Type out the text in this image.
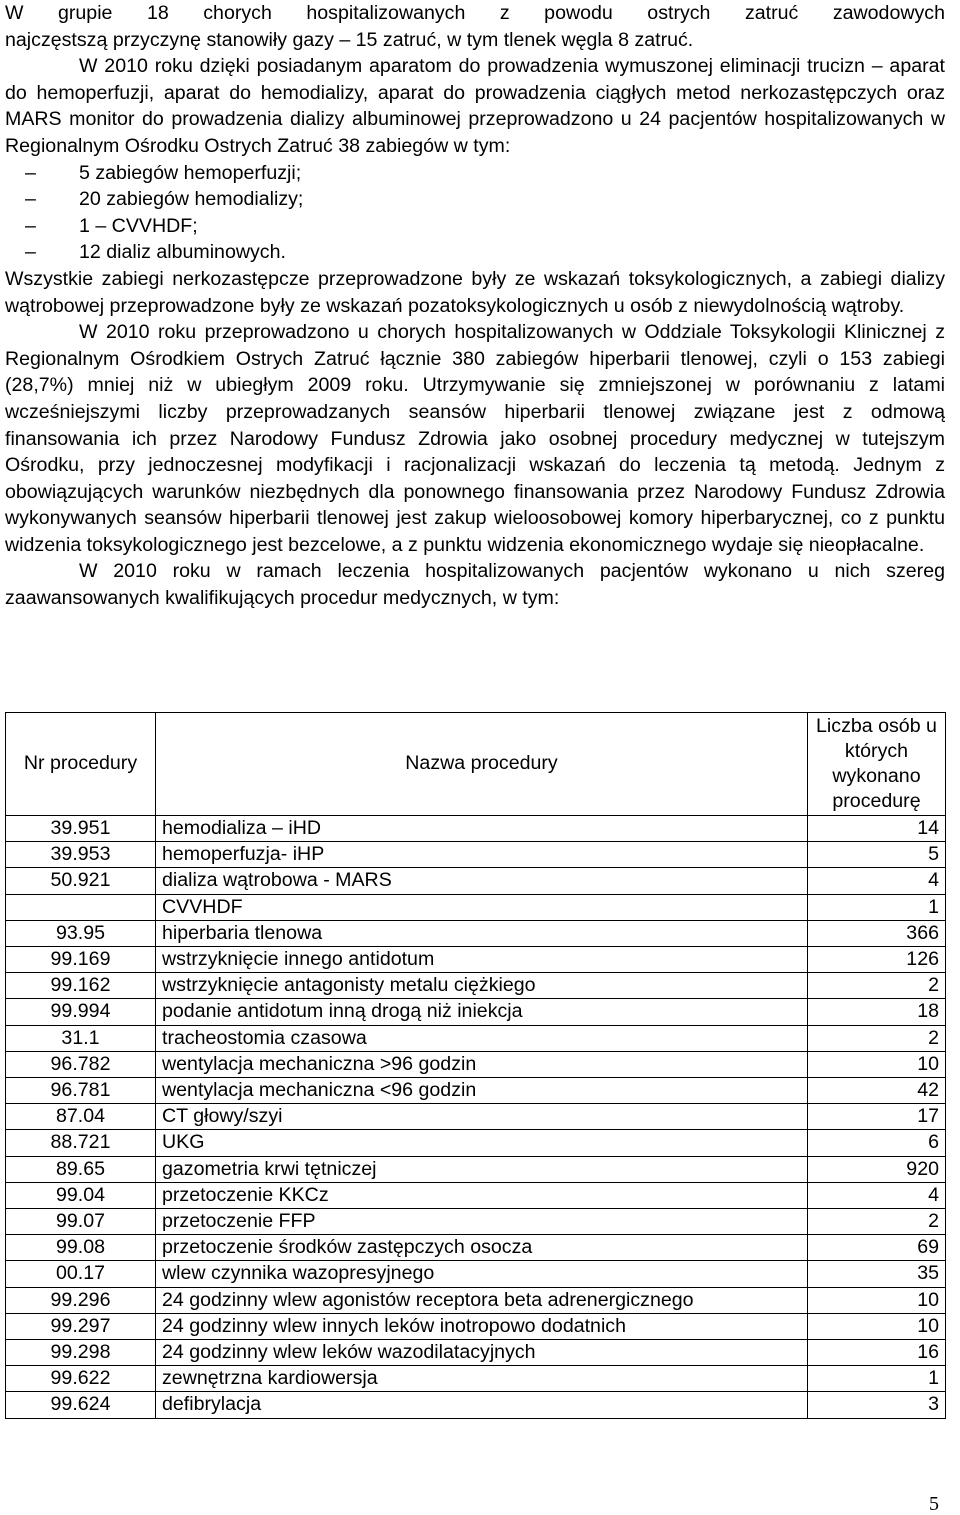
W grupie 18 chorych hospitalizowanych z powodu ostrych zatruć zawodowych

najczęstszą przyczynę stanowiły gazy – 15 zatruć, w tym tlenek węgla 8 zatruć.

W 2010 roku dzięki posiadanym aparatom do prowadzenia wymuszonej eliminacji trucizn – aparat do hemoperfuzji, aparat do hemodializy, aparat do prowadzenia ciągłych metod nerkozastępczych oraz MARS monitor do prowadzenia dializy albuminowej przeprowadzono u 24 pacjentów hospitalizowanych w Regionalnym Ośrodku Ostrych Zatruć 38 zabiegów w tym:

– 5 zabiegów hemoperfuzji;
– 20 zabiegów hemodializy;
– 1 – CVVHDF;
– 12 dializ albuminowych.

Wszystkie zabiegi nerkozastępcze przeprowadzone były ze wskazań toksykologicznych, a zabiegi dializy wątrobowej przeprowadzone były ze wskazań pozatoksykologicznych u osób z niewydolnością wątroby.

W 2010 roku przeprowadzono u chorych hospitalizowanych w Oddziale Toksykologii Klinicznej z Regionalnym Ośrodkiem Ostrych Zatruć łącznie 380 zabiegów hiperbarii tlenowej, czyli o 153 zabiegi (28,7%) mniej niż w ubiegłym 2009 roku. Utrzymywanie się zmniejszonej w porównaniu z latami wcześniejszymi liczby przeprowadzanych seansów hiperbarii tlenowej związane jest z odmową finansowania ich przez Narodowy Fundusz Zdrowia jako osobnej procedury medycznej w tutejszym Ośrodku, przy jednoczesnej modyfikacji i racjonalizacji wskazań do leczenia tą metodą. Jednym z obowiązujących warunków niezbędnych dla ponownego finansowania przez Narodowy Fundusz Zdrowia wykonywanych seansów hiperbarii tlenowej jest zakup wieloosobowej komory hiperbarycznej, co z punktu widzenia toksykologicznego jest bezcelowe, a z punktu widzenia ekonomicznego wydaje się nieopłacalne.

W 2010 roku w ramach leczenia hospitalizowanych pacjentów wykonano u nich szereg zaawansowanych kwalifikujących procedur medycznych, w tym:

Nr procedury	Nazwa procedury	Liczba osób u których wykonano procedurę
39.951	hemodializa – iHD	14
39.953	hemoperfuzja- iHP	5
50.921	dializa wątrobowa - MARS	4
	CVVHDF	1
93.95	hiperbaria tlenowa	366
99.169	wstrzyknięcie innego antidotum	126
99.162	wstrzyknięcie antagonisty metalu ciężkiego	2
99.994	podanie antidotum inną drogą niż iniekcja	18
31.1	tracheostomia czasowa	2
96.782	wentylacja mechaniczna >96 godzin	10
96.781	wentylacja mechaniczna <96 godzin	42
87.04	CT głowy/szyi	17
88.721	UKG	6
89.65	gazometria krwi tętniczej	920
99.04	przetoczenie KKCz	4
99.07	przetoczenie FFP	2
99.08	przetoczenie środków zastępczych osocza	69
00.17	wlew czynnika wazopresyjnego	35
99.296	24 godzinny wlew agonistów receptora beta adrenergicznego	10
99.297	24 godzinny wlew innych leków inotropowo dodatnich	10
99.298	24 godzinny wlew leków wazodilatacyjnych	16
99.622	zewnętrzna kardiowersja	1
99.624	defibrylacja	3
5
